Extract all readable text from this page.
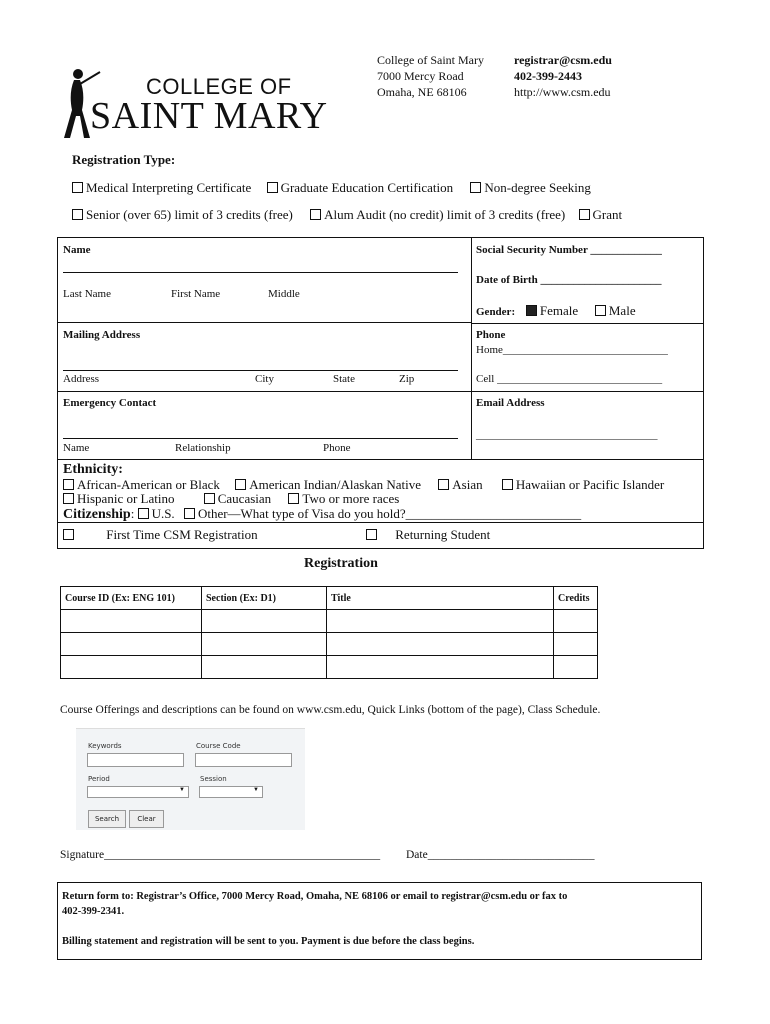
COLLEGE OF
SAINT MARY
College of Saint Mary
7000 Mercy Road
Omaha, NE 68106
registrar@csm.edu
402-399-2443
http://www.csm.edu
Registration Type:
Medical Interpreting Certificate Graduate Education Certification Non-degree Seeking
Senior (over 65) limit of 3 credits (free) Alum Audit (no credit) limit of 3 credits (free) Grant
Name
Last Name	First Name	Middle
Social Security Number _____________
Date of Birth ______________________
Gender: Female Male
Mailing Address
Address	City	State	Zip
Phone
Home______________________________
Cell ______________________________
Emergency Contact
Name	Relationship	Phone
Email Address
_________________________________
Ethnicity:
African-American or Black American Indian/Alaskan Native Asian	Hawaiian or Pacific Islander
Hispanic or Latino	Caucasian Two or more races
Citizenship: U.S. Other—What type of Visa do you hold?___________________________
First Time CSM Registration	Returning Student
Registration
Course ID (Ex: ENG 101)	Section (Ex: D1)	Title	Credits

Course Offerings and descriptions can be found on www.csm.edu, Quick Links (bottom of the page), Class Schedule.
Keywords	Course Code
Period
▼
Session
▼
Search	Clear
Signature________________________________________________ Date_____________________________
Return form to: Registrar’s Office, 7000 Mercy Road, Omaha, NE 68106 or email to registrar@csm.edu or fax to
402-399-2341.
Billing statement and registration will be sent to you. Payment is due before the class begins.
